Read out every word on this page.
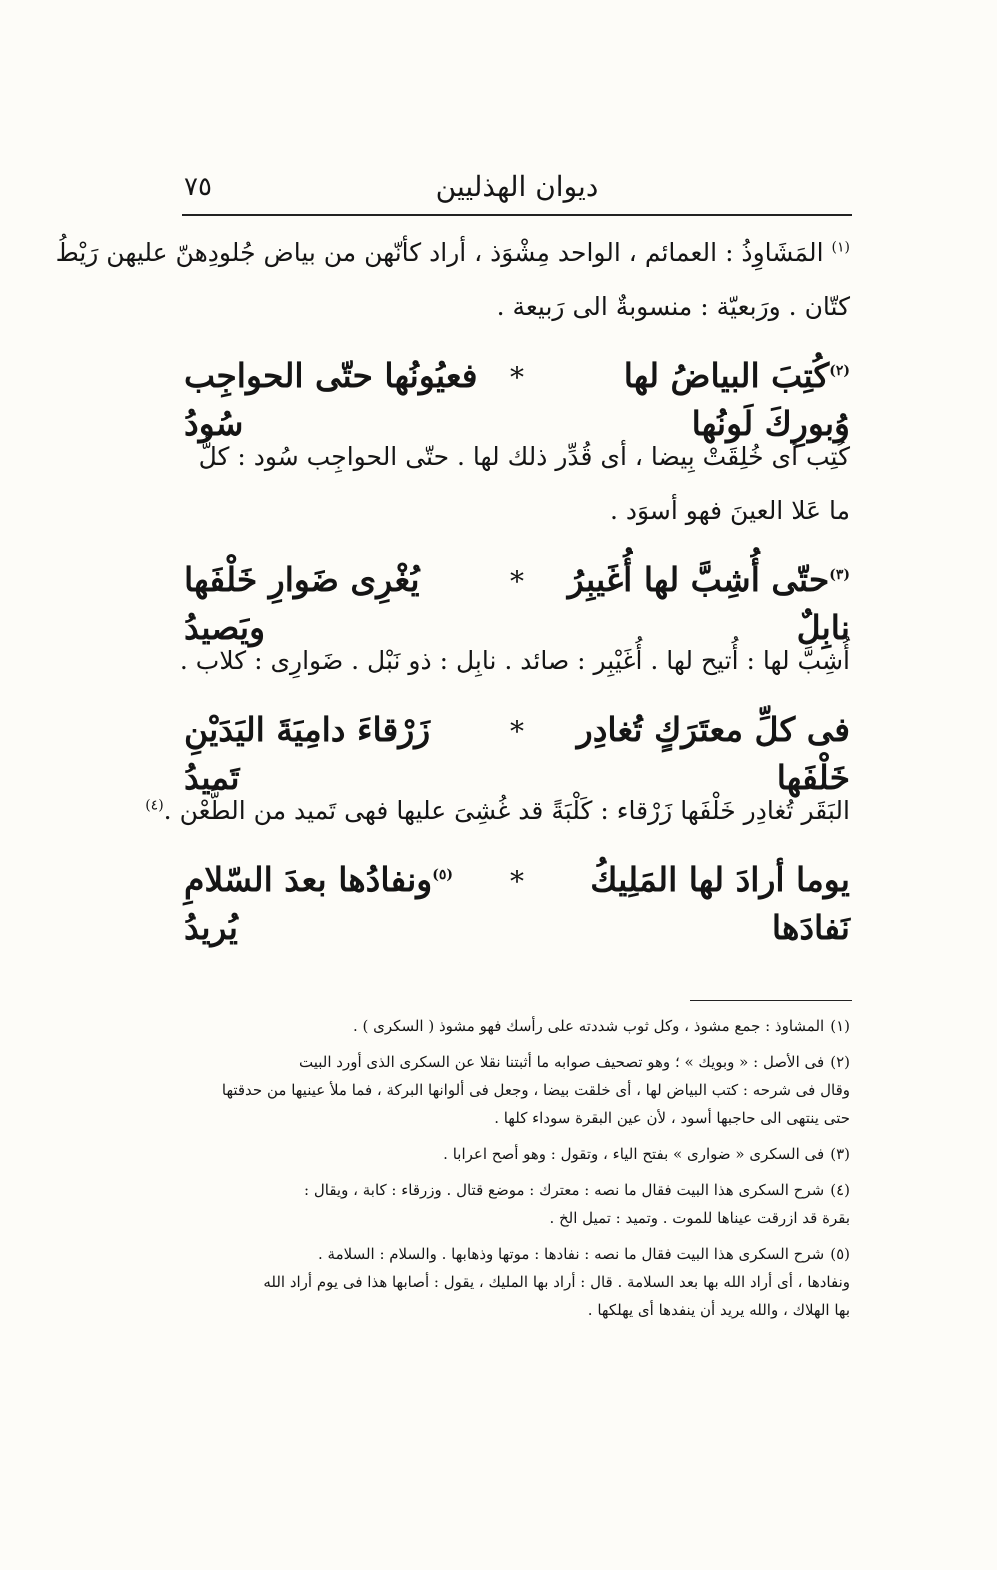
٧٥	ديوان الهذليين
$^{(١)}$ المَشَاوِذُ : العمائم ، الواحد مِشْوَذ ، أراد كأنّهن من بياض جُلودِهنّ عليهن رَيْطُ
كتّان . ورَبعيّة : منسوبةٌ الى رَبيعة .
$^{(٢)}$كُتِبَ البياضُ لها وُبورِكَ لَونُها
*
فعيُونُها حتّى الحواجِب سُودُ
كُتِب أى خُلِقَتْ بِيضا ، أى قُدِّر ذلك لها . حتّى الحواجِب سُود : كلُّ
ما عَلا العينَ فهو أسوَد .
$^{(٣)}$حتّى أُشِبَّ لها أُغَيبِرُ نابِلٌ
*
يُغْرِى ضَوارِ خَلْفَها ويَصيدُ
أُشِبَّ لها : أُتيح لها . أُغَيْبِر : صائد . نابِل : ذو نَبْل . ضَوارِى : كلاب .
فى كلِّ معتَرَكٍ تُغادِر خَلْفَها
*
زَرْقاءَ دامِيَةَ اليَدَيْنِ تَميدُ
البَقَر تُغادِر خَلْفَها زَرْقاء : كَلْبَةً قد غُشِىَ عليها فهى تَميد من الطَّعْن .$^{(٤)}$
يوما أرادَ لها المَلِيكُ نَفادَها
*
$^{(٥)}$ونفادُها بعدَ السّلامِ يُريدُ
(١)المشاوذ : جمع مشوذ ، وكل ثوب شددته على رأسك فهو مشوذ ( السكرى ) .
(٢)فى الأصل : « وبويك » ؛ وهو تصحيف صوابه ما أثبتنا نقلا عن السكرى الذى أورد البيت
وقال فى شرحه : كتب البياض لها ، أى خلقت بيضا ، وجعل فى ألوانها البركة ، فما ملأ عينيها من حدقتها
حتى ينتهى الى حاجبها أسود ، لأن عين البقرة سوداء كلها .
(٣)فى السكرى « ضوارى » بفتح الياء ، وتقول : وهو أصح اعرابا .
(٤)شرح السكرى هذا البيت فقال ما نصه : معترك : موضع قتال . وزرقاء : كابة ، ويقال :
بقرة قد ازرقت عيناها للموت . وتميد : تميل الخ .
(٥)شرح السكرى هذا البيت فقال ما نصه : نفادها : موتها وذهابها . والسلام : السلامة .
ونفادها ، أى أراد الله بها بعد السلامة . قال : أراد بها المليك ، يقول : أصابها هذا فى يوم أراد الله
بها الهلاك ، والله يريد أن ينفدها أى يهلكها .
